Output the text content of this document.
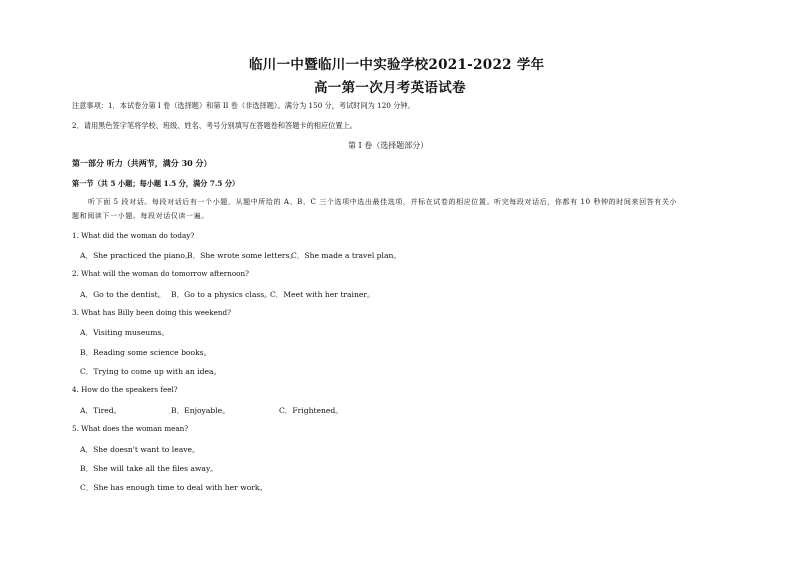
临川一中暨临川一中实验学校2021-2022 学年
高一第一次月考英语试卷
注意事项：1．本试卷分第 I 卷（选择题）和第 II 卷（非选择题）。满分为 150 分，考试时间为 120 分钟。
2．请用黑色签字笔将学校、班级、姓名、考号分别填写在答题卷和答题卡的相应位置上。
第 I 卷（选择题部分）
第一部分 听力（共两节，满分 30 分）
第一节（共 5 小题；每小题 1.5 分，满分 7.5 分）
听下面 5 段对话。每段对话后有一个小题，从题中所给的 A、B、C 三个选项中选出最佳选项，并标在试卷的相应位置。听完每段对话后，你都有 10 秒钟的时间来回答有关小
题和阅读下一小题。每段对话仅读一遍。
1. What did the woman do today?
A．She practiced the piano。
B．She wrote some letters。
C．She made a travel plan。
2. What will the woman do tomorrow afternoon?
A．Go to the dentist。 B．Go to a physics class。
C．Meet with her trainer。
3. What has Billy been doing this weekend?
A．Visiting museums。
B．Reading some science books。
C．Trying to come up with an idea。
4. How do the speakers feel?
A．Tired。	B．Enjoyable。	C．Frightened。
5. What does the woman mean?
A．She doesn't want to leave。
B．She will take all the files away。
C．She has enough time to deal with her work。
